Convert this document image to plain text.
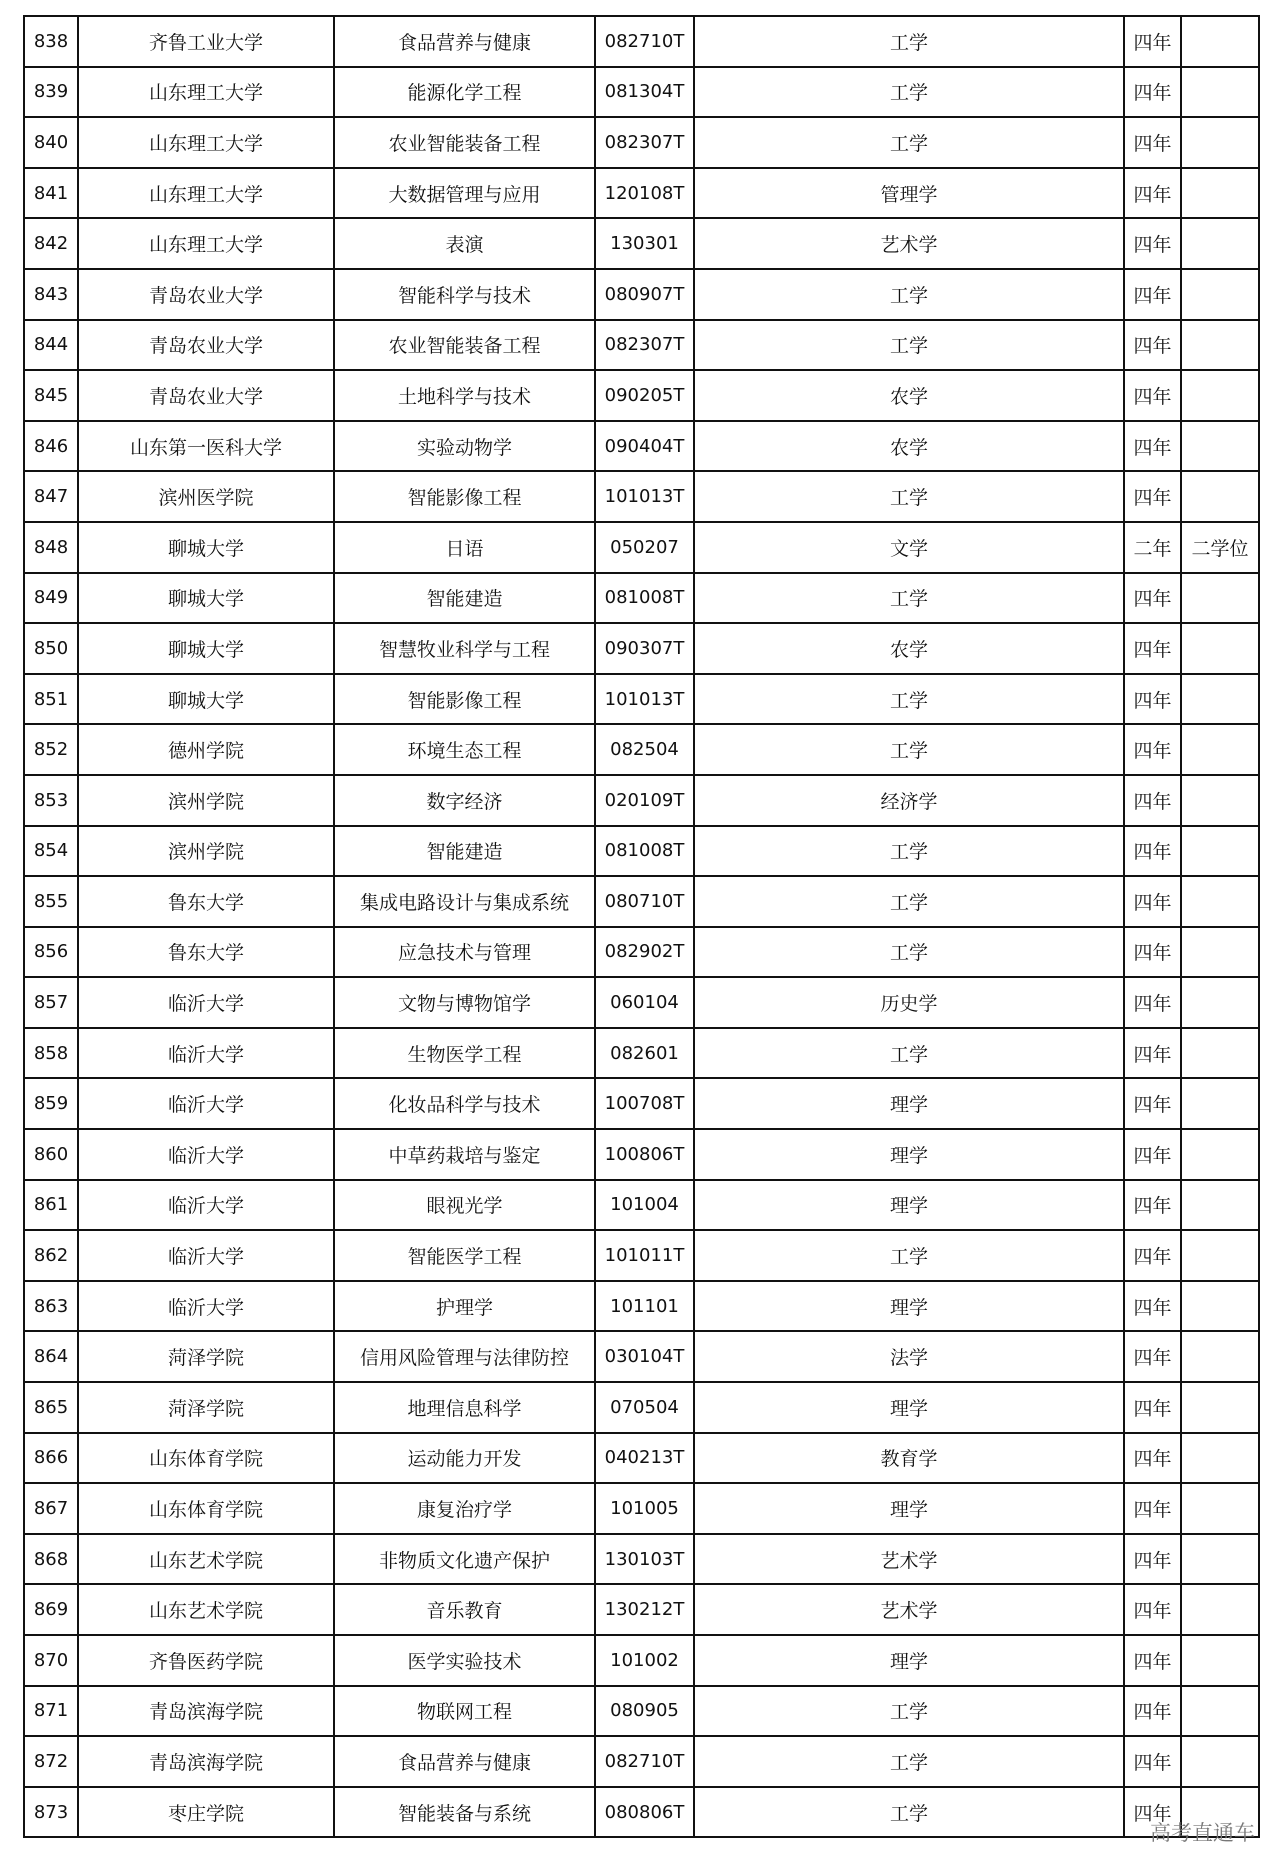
838	齐鲁工业大学	食品营养与健康	082710T	工学	四年	
839	山东理工大学	能源化学工程	081304T	工学	四年	
840	山东理工大学	农业智能装备工程	082307T	工学	四年	
841	山东理工大学	大数据管理与应用	120108T	管理学	四年	
842	山东理工大学	表演	130301	艺术学	四年	
843	青岛农业大学	智能科学与技术	080907T	工学	四年	
844	青岛农业大学	农业智能装备工程	082307T	工学	四年	
845	青岛农业大学	土地科学与技术	090205T	农学	四年	
846	山东第一医科大学	实验动物学	090404T	农学	四年	
847	滨州医学院	智能影像工程	101013T	工学	四年	
848	聊城大学	日语	050207	文学	二年	二学位
849	聊城大学	智能建造	081008T	工学	四年	
850	聊城大学	智慧牧业科学与工程	090307T	农学	四年	
851	聊城大学	智能影像工程	101013T	工学	四年	
852	德州学院	环境生态工程	082504	工学	四年	
853	滨州学院	数字经济	020109T	经济学	四年	
854	滨州学院	智能建造	081008T	工学	四年	
855	鲁东大学	集成电路设计与集成系统	080710T	工学	四年	
856	鲁东大学	应急技术与管理	082902T	工学	四年	
857	临沂大学	文物与博物馆学	060104	历史学	四年	
858	临沂大学	生物医学工程	082601	工学	四年	
859	临沂大学	化妆品科学与技术	100708T	理学	四年	
860	临沂大学	中草药栽培与鉴定	100806T	理学	四年	
861	临沂大学	眼视光学	101004	理学	四年	
862	临沂大学	智能医学工程	101011T	工学	四年	
863	临沂大学	护理学	101101	理学	四年	
864	菏泽学院	信用风险管理与法律防控	030104T	法学	四年	
865	菏泽学院	地理信息科学	070504	理学	四年	
866	山东体育学院	运动能力开发	040213T	教育学	四年	
867	山东体育学院	康复治疗学	101005	理学	四年	
868	山东艺术学院	非物质文化遗产保护	130103T	艺术学	四年	
869	山东艺术学院	音乐教育	130212T	艺术学	四年	
870	齐鲁医药学院	医学实验技术	101002	理学	四年	
871	青岛滨海学院	物联网工程	080905	工学	四年	
872	青岛滨海学院	食品营养与健康	082710T	工学	四年	
873	枣庄学院	智能装备与系统	080806T	工学	四年	
高考直通车
